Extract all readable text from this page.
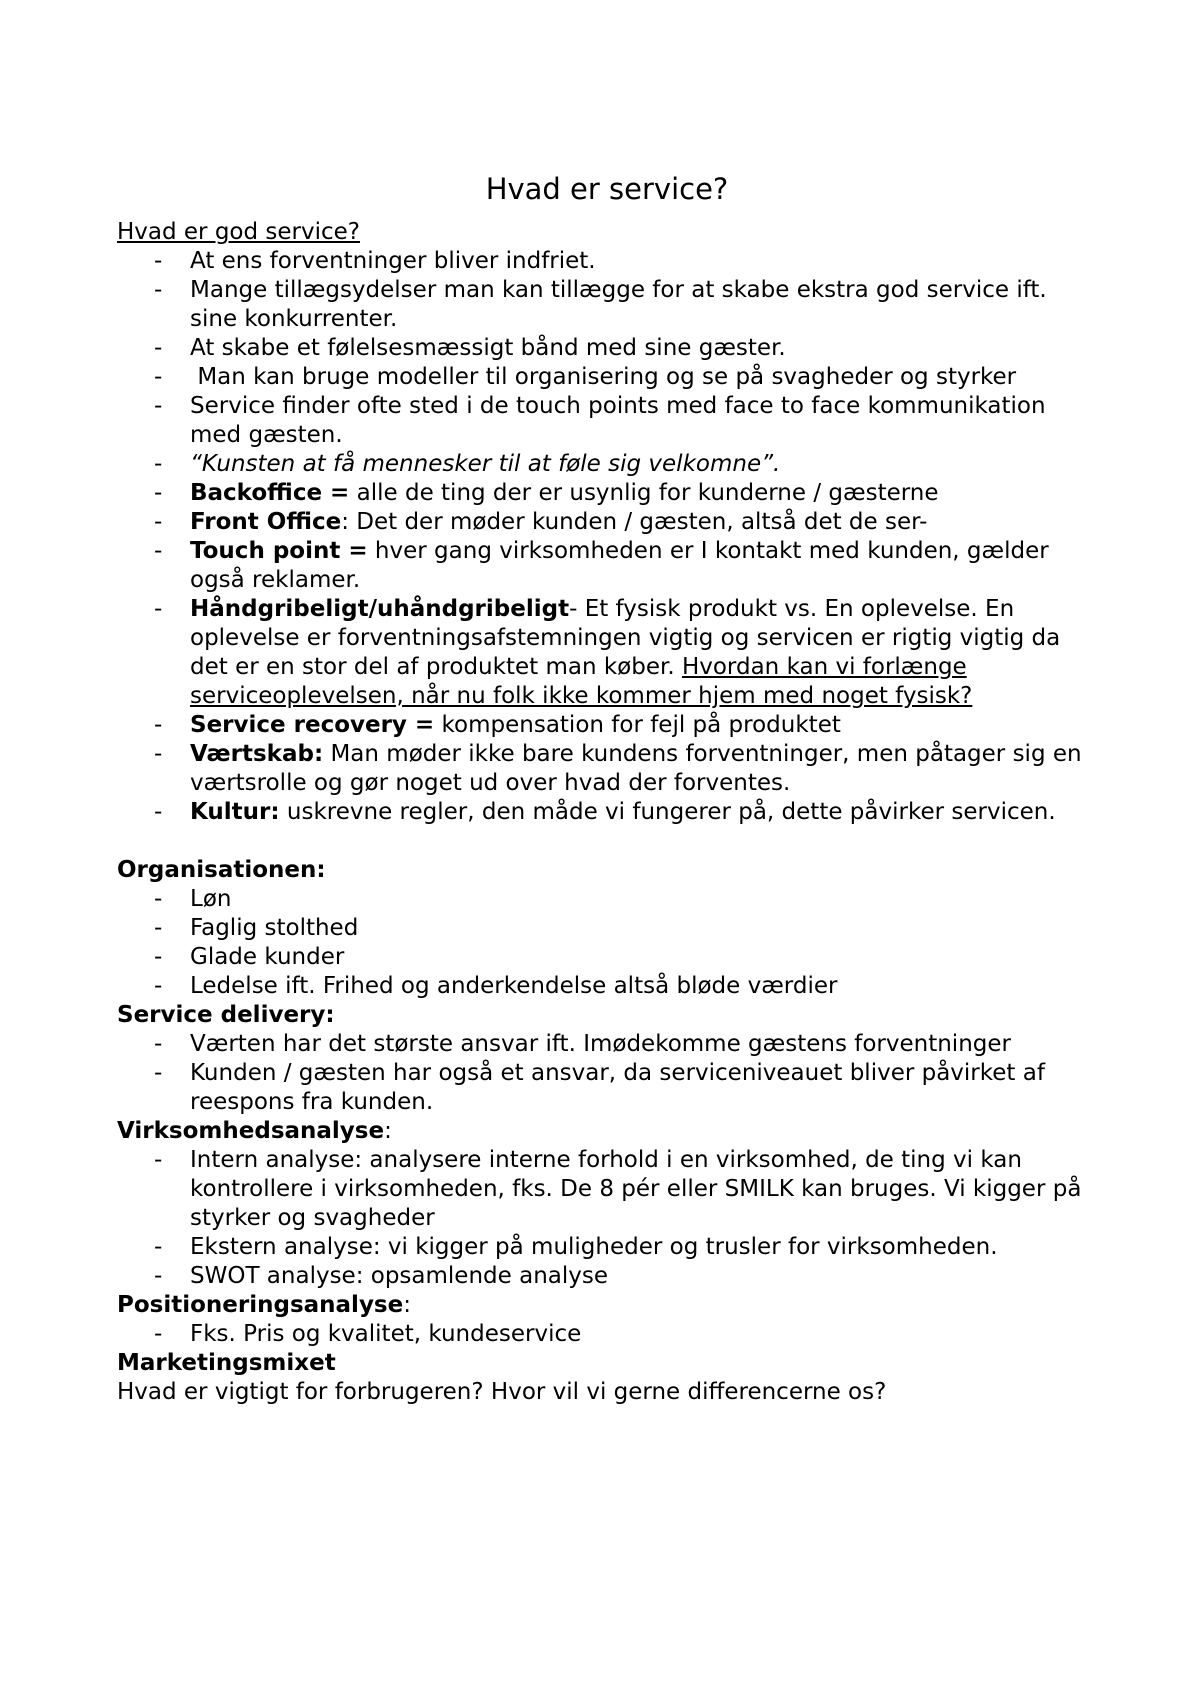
Hvad er service?
Hvad er god service?
- At ens forventninger bliver indfriet.
- Mange tillægsydelser man kan tillægge for at skabe ekstra god service ift. sine konkurrenter.
- At skabe et følelsesmæssigt bånd med sine gæster.
-  Man kan bruge modeller til organisering og se på svagheder og styrker
- Service finder ofte sted i de touch points med face to face kommunikation med gæsten.
- “Kunsten at få mennesker til at føle sig velkomne”.
- Backoffice = alle de ting der er usynlig for kunderne / gæsterne
- Front Office: Det der møder kunden / gæsten, altså det de ser-
- Touch point = hver gang virksomheden er I kontakt med kunden, gælder også reklamer.
- Håndgribeligt/uhåndgribeligt- Et fysisk produkt vs. En oplevelse. En oplevelse er forventningsafstemningen vigtig og servicen er rigtig vigtig da det er en stor del af produktet man køber. Hvordan kan vi forlænge serviceoplevelsen, når nu folk ikke kommer hjem med noget fysisk?
- Service recovery = kompensation for fejl på produktet
- Værtskab: Man møder ikke bare kundens forventninger, men påtager sig en værtsrolle og gør noget ud over hvad der forventes.
- Kultur: uskrevne regler, den måde vi fungerer på, dette påvirker servicen.
Organisationen:
- Løn
- Faglig stolthed
- Glade kunder
- Ledelse ift. Frihed og anderkendelse altså bløde værdier
Service delivery:
- Værten har det største ansvar ift. Imødekomme gæstens forventninger
- Kunden / gæsten har også et ansvar, da serviceniveauet bliver påvirket af reespons fra kunden.
Virksomhedsanalyse:
- Intern analyse: analysere interne forhold i en virksomhed, de ting vi kan kontrollere i virksomheden, fks. De 8 pér eller SMILK kan bruges. Vi kigger på styrker og svagheder
- Ekstern analyse: vi kigger på muligheder og trusler for virksomheden.
- SWOT analyse: opsamlende analyse
Positioneringsanalyse:
- Fks. Pris og kvalitet, kundeservice
Marketingsmixet
Hvad er vigtigt for forbrugeren? Hvor vil vi gerne differencerne os?
